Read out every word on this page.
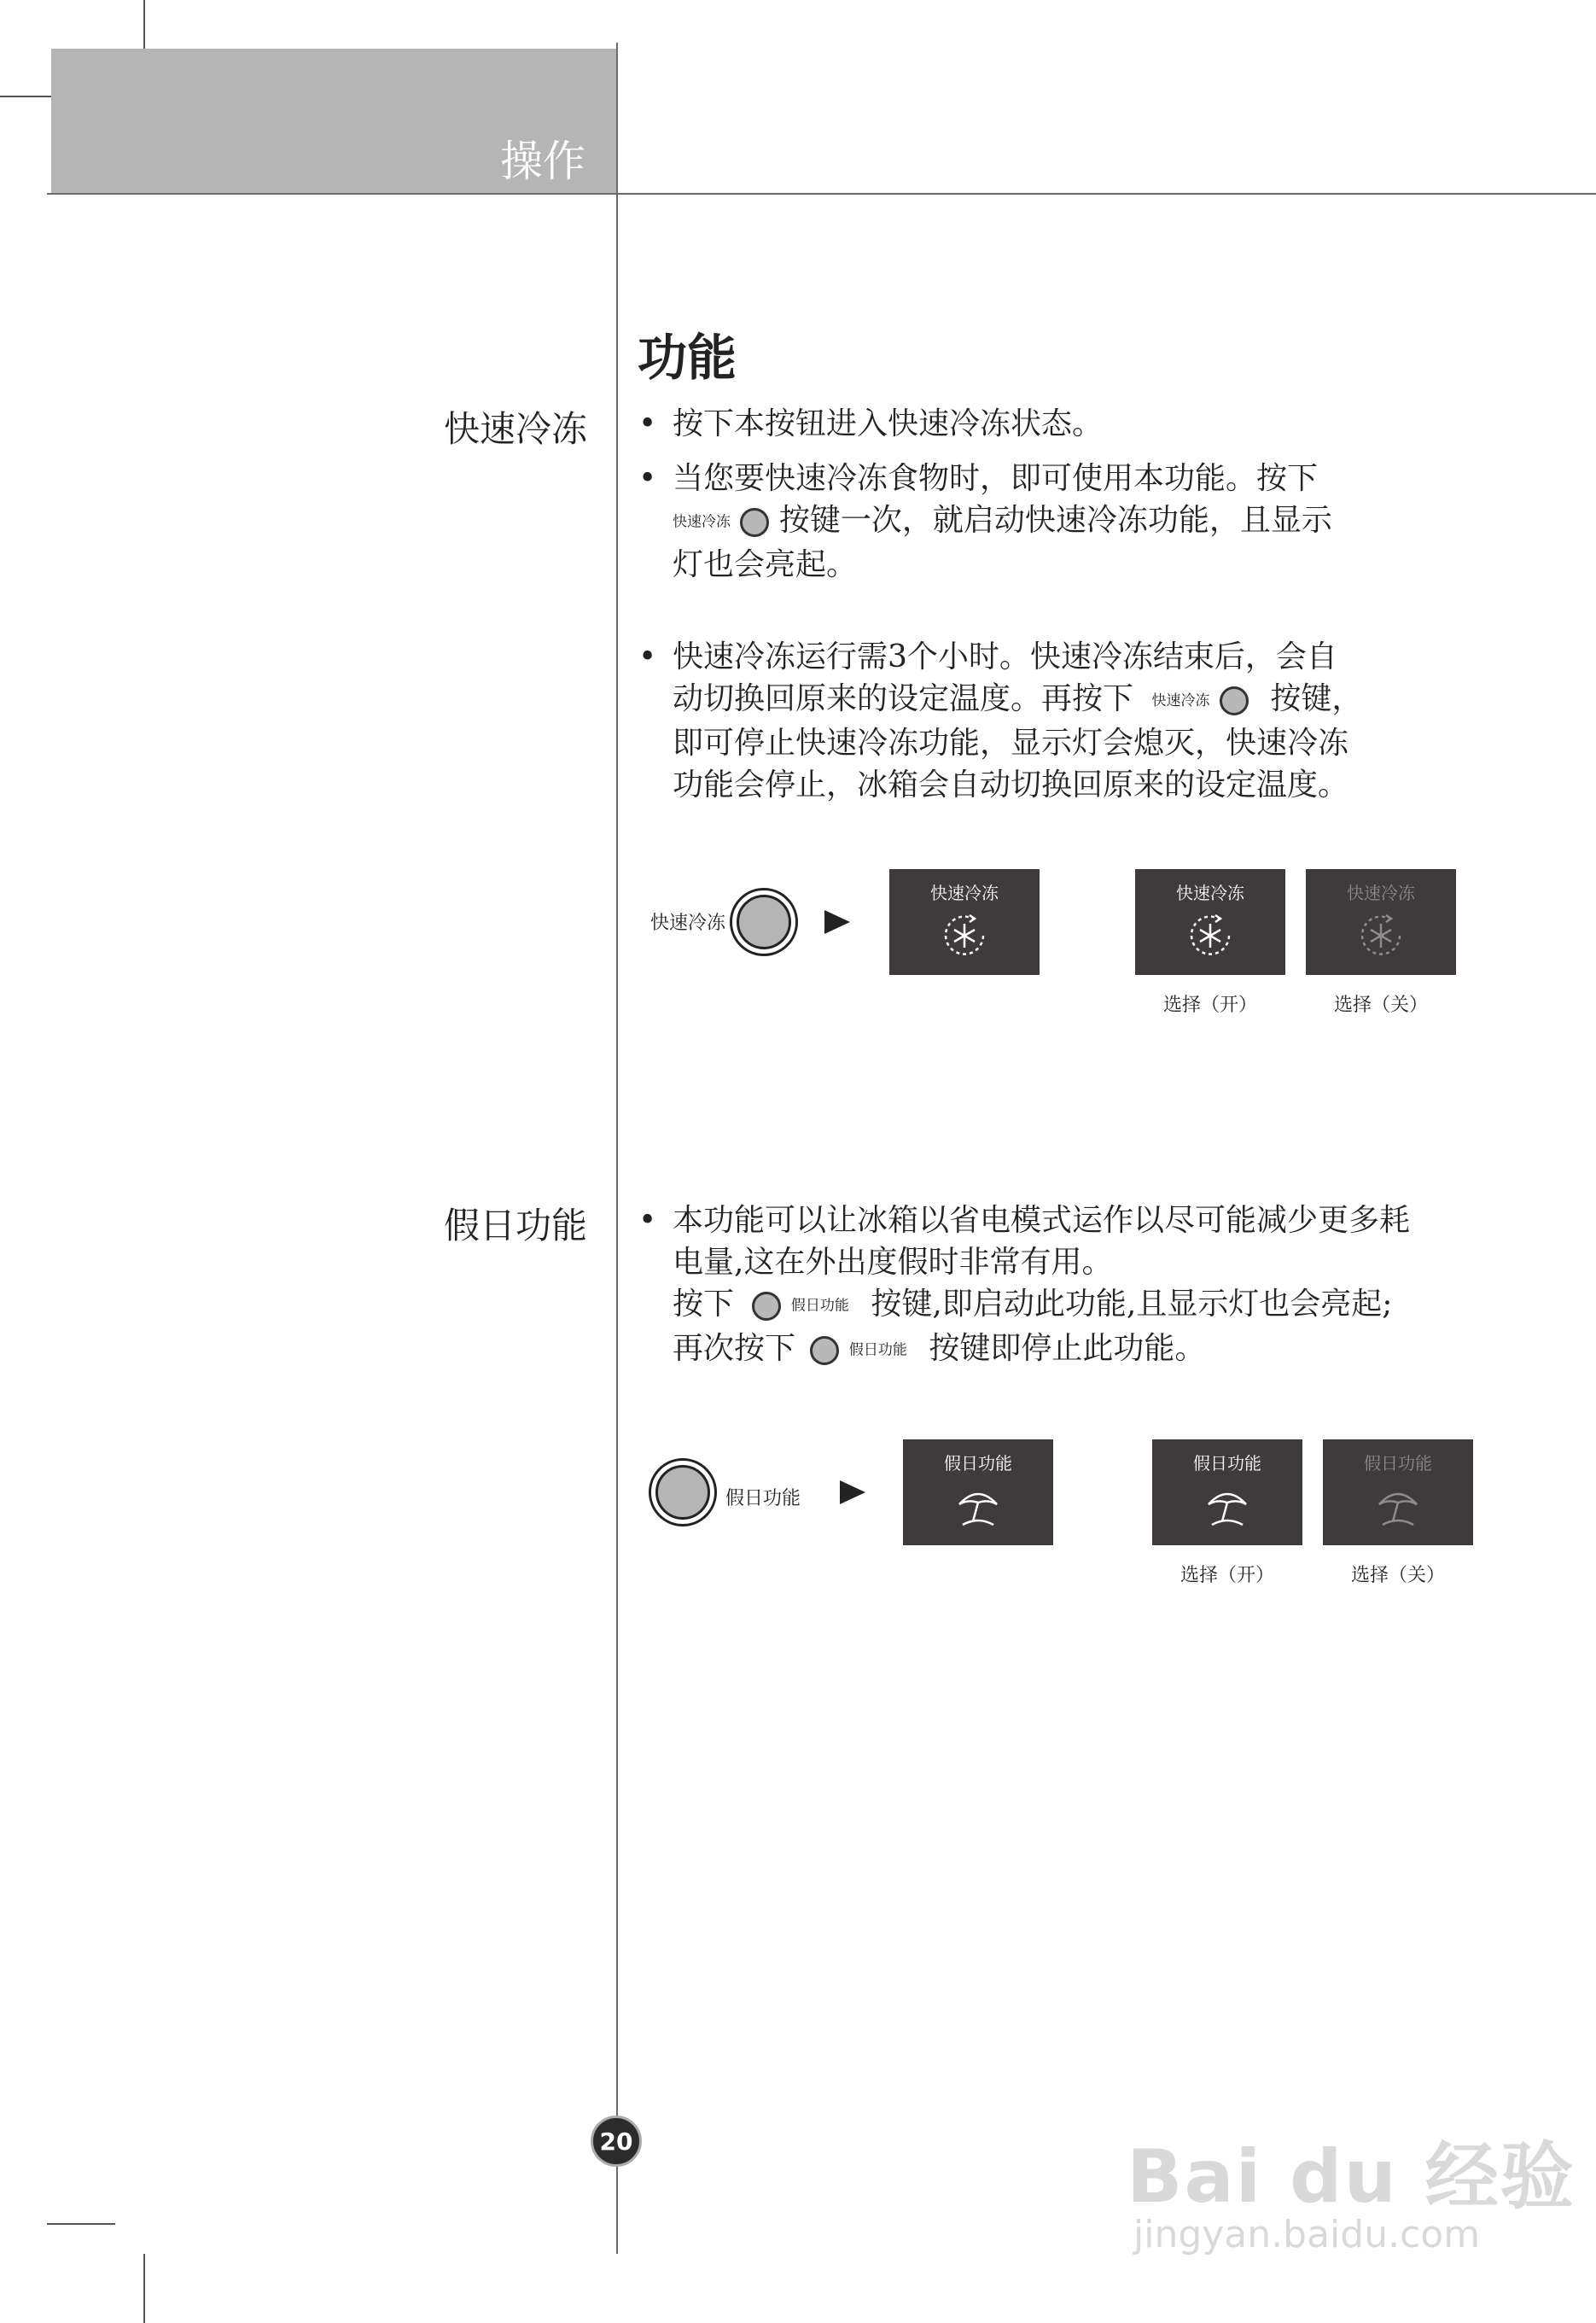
操作
功能
快速冷冻 • 按下本按钮进入快速冷冻状态。
• 当您要快速冷冻食物时，即可使用本功能。按下
快速冷冻 按键一次，就启动快速冷冻功能，且显示
灯也会亮起。
• 快速冷冻运行需3个小时。快速冷冻结束后，会自
动切换回原来的设定温度。再按下 快速冷冻 按键，
即可停止快速冷冻功能，显示灯会熄灭，快速冷冻
功能会停止，冰箱会自动切换回原来的设定温度。
快速冷冻
快速冷冻	快速冷冻
选择（开）
快速冷冻
选择（关）
假日功能 • 本功能可以让冰箱以省电模式运作以尽可能减少更多耗
电量,这在外出度假时非常有用。
按下	假日功能 按键,即启动此功能,且显示灯也会亮起;
再次按下	假日功能 按键即停止此功能。
假日功能
假日功能	假日功能
选择（开）
假日功能
选择（关）
20	Bai du 经验
jingyan.baidu.com
